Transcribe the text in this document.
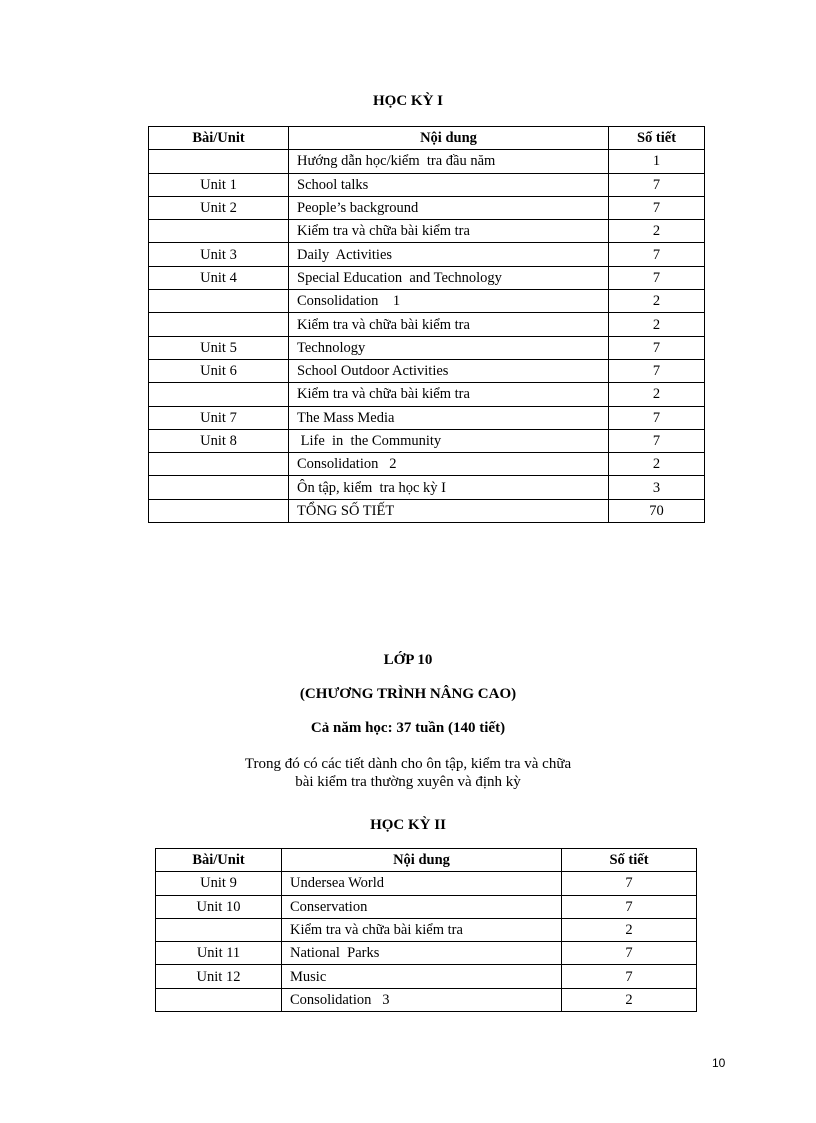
HỌC KỲ I
Bài/Unit	Nội dung	Số tiết
	Hướng dẫn học/kiểm  tra đầu năm	1
Unit 1	School talks	7
Unit 2	People’s background	7
	Kiểm tra và chữa bài kiểm tra	2
Unit 3	Daily  Activities	7
Unit 4	Special Education  and Technology	7
	Consolidation    1	2
	Kiểm tra và chữa bài kiểm tra	2
Unit 5	Technology	7
Unit 6	School Outdoor Activities	7
	Kiểm tra và chữa bài kiểm tra	2
Unit 7	The Mass Media	7
Unit 8	Life  in  the Community	7
	Consolidation   2	2
	Ôn tập, kiểm  tra học kỳ I	3
	TỔNG SỐ TIẾT	70
LỚP 10
(CHƯƠNG TRÌNH NÂNG CAO)
Cả năm học: 37 tuần (140 tiết)
Trong đó có các tiết dành cho ôn tập, kiểm tra và chữa
bài kiểm tra thường xuyên và định kỳ
HỌC KỲ II
Bài/Unit	Nội dung	Số tiết
Unit 9	Undersea World	7
Unit 10	Conservation	7
	Kiểm tra và chữa bài kiểm tra	2
Unit 11	National  Parks	7
Unit 12	Music	7
	Consolidation   3	2
10
